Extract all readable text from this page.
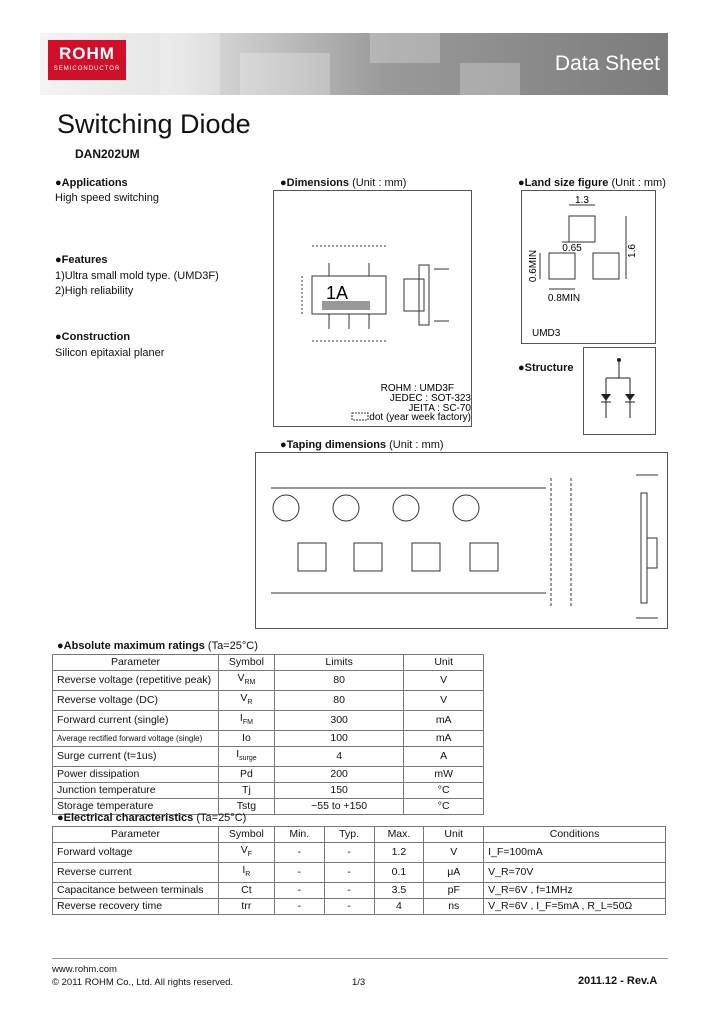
ROHM
SEMICONDUCTOR	Data Sheet
Switching Diode
DAN202UM
●Applications
High speed switching
●Features
1)Ultra small mold type. (UMD3F)
2)High reliability
●Construction
Silicon epitaxial planer
●Dimensions (Unit : mm)
1A
ROHM : UMD3F
JEDEC : SOT-323
JEITA : SC-70
dot (year week factory)
●Land size figure (Unit : mm)
1.3
0.65	1.6
0.6MIN
0.8MIN
UMD3
●Structure
●Taping dimensions (Unit : mm)
●Absolute maximum ratings (Ta=25°C)
Parameter	Symbol	Limits	Unit
Reverse voltage (repetitive peak)	$V_{RM}$	80	V
Reverse voltage (DC)	$V_R$	80	V
Forward current (single)	$I_{FM}$	300	mA
Average rectified forward voltage (single)	Io	100	mA
Surge current (t=1us)	$I_{surge}$	4	A
Power dissipation	Pd	200	mW
Junction temperature	Tj	150	°C
Storage temperature	Tstg	−55 to +150	°C
●Electrical characteristics (Ta=25°C)
Parameter	Symbol	Min.	Typ.	Max.	Unit	Conditions
Forward voltage	$V_F$	-	-	1.2	V	I_F=100mA
Reverse current	$I_R$	-	-	0.1	μA	V_R=70V
Capacitance between terminals	Ct	-	-	3.5	pF	V_R=6V , f=1MHz
Reverse recovery time	trr	-	-	4	ns	V_R=6V , I_F=5mA , R_L=50Ω
www.rohm.com
© 2011 ROHM Co., Ltd. All rights reserved.	1/3	2011.12 - Rev.A
